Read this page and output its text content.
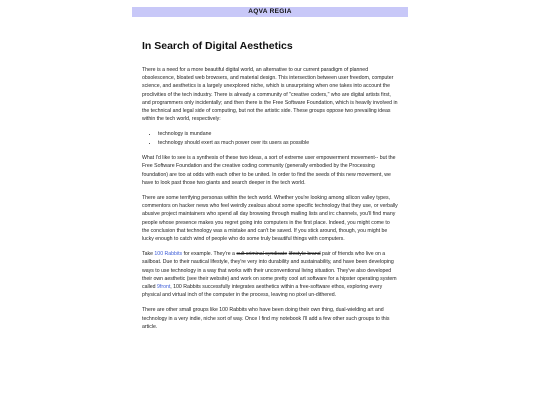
AQVA REGIA
In Search of Digital Aesthetics

There is a need for a more beautiful digital world, an alternative to our current paradigm of planned obsolescence, bloated web browsers, and material design. This intersection between user freedom, computer science, and aesthetics is a largely unexplored niche, which is unsurprising when one takes into account the proclivities of the tech industry. There is already a community of "creative coders," who are digital artists first, and programmers only incidentally; and then there is the Free Software Foundation, which is heavily involved in the technical and legal side of computing, but not the artistic side. These groups oppose two prevailing ideas within the tech world, respectively:

• technology is mundane
• technology should exert as much power over its users as possible

What I'd like to see is a synthesis of these two ideas, a sort of extreme user empowerment movement-- but the Free Software Foundation and the creative coding community (generally embodied by the Processing foundation) are too at odds with each other to be united. In order to find the seeds of this new movement, we have to look past those two giants and search deeper in the tech world.

There are some terrifying personas within the tech world. Whether you're looking among silicon valley types, commentors on hacker news who feel weirdly zealous about some specific technology that they use, or verbally abusive project maintainers who spend all day browsing through mailing lists and irc channels, you'll find many people whose presence makes you regret going into computers in the first place. Indeed, you might come to the conclusion that technology was a mistake and can't be saved. If you stick around, though, you might be lucky enough to catch wind of people who do some truly beautiful things with computers.

Take 100 Rabbits for example. They're a cult criminal syndicate lifestyle brand pair of friends who live on a sailboat. Due to their nautical lifestyle, they're very into durability and sustainability, and have been developing ways to use technology in a way that works with their unconventional living situation. They've also developed their own aesthetic (see their website) and work on some pretty cool art software for a hipster operating system called 9front, 100 Rabbits successfully integrates aesthetics within a free-software ethos, exploring every physical and virtual inch of the computer in the process, leaving no pixel un-dithered.

There are other small groups like 100 Rabbits who have been doing their own thing, dual-wielding art and technology in a very indie, niche sort of way. Once I find my notebook I'll add a few other such groups to this article.
